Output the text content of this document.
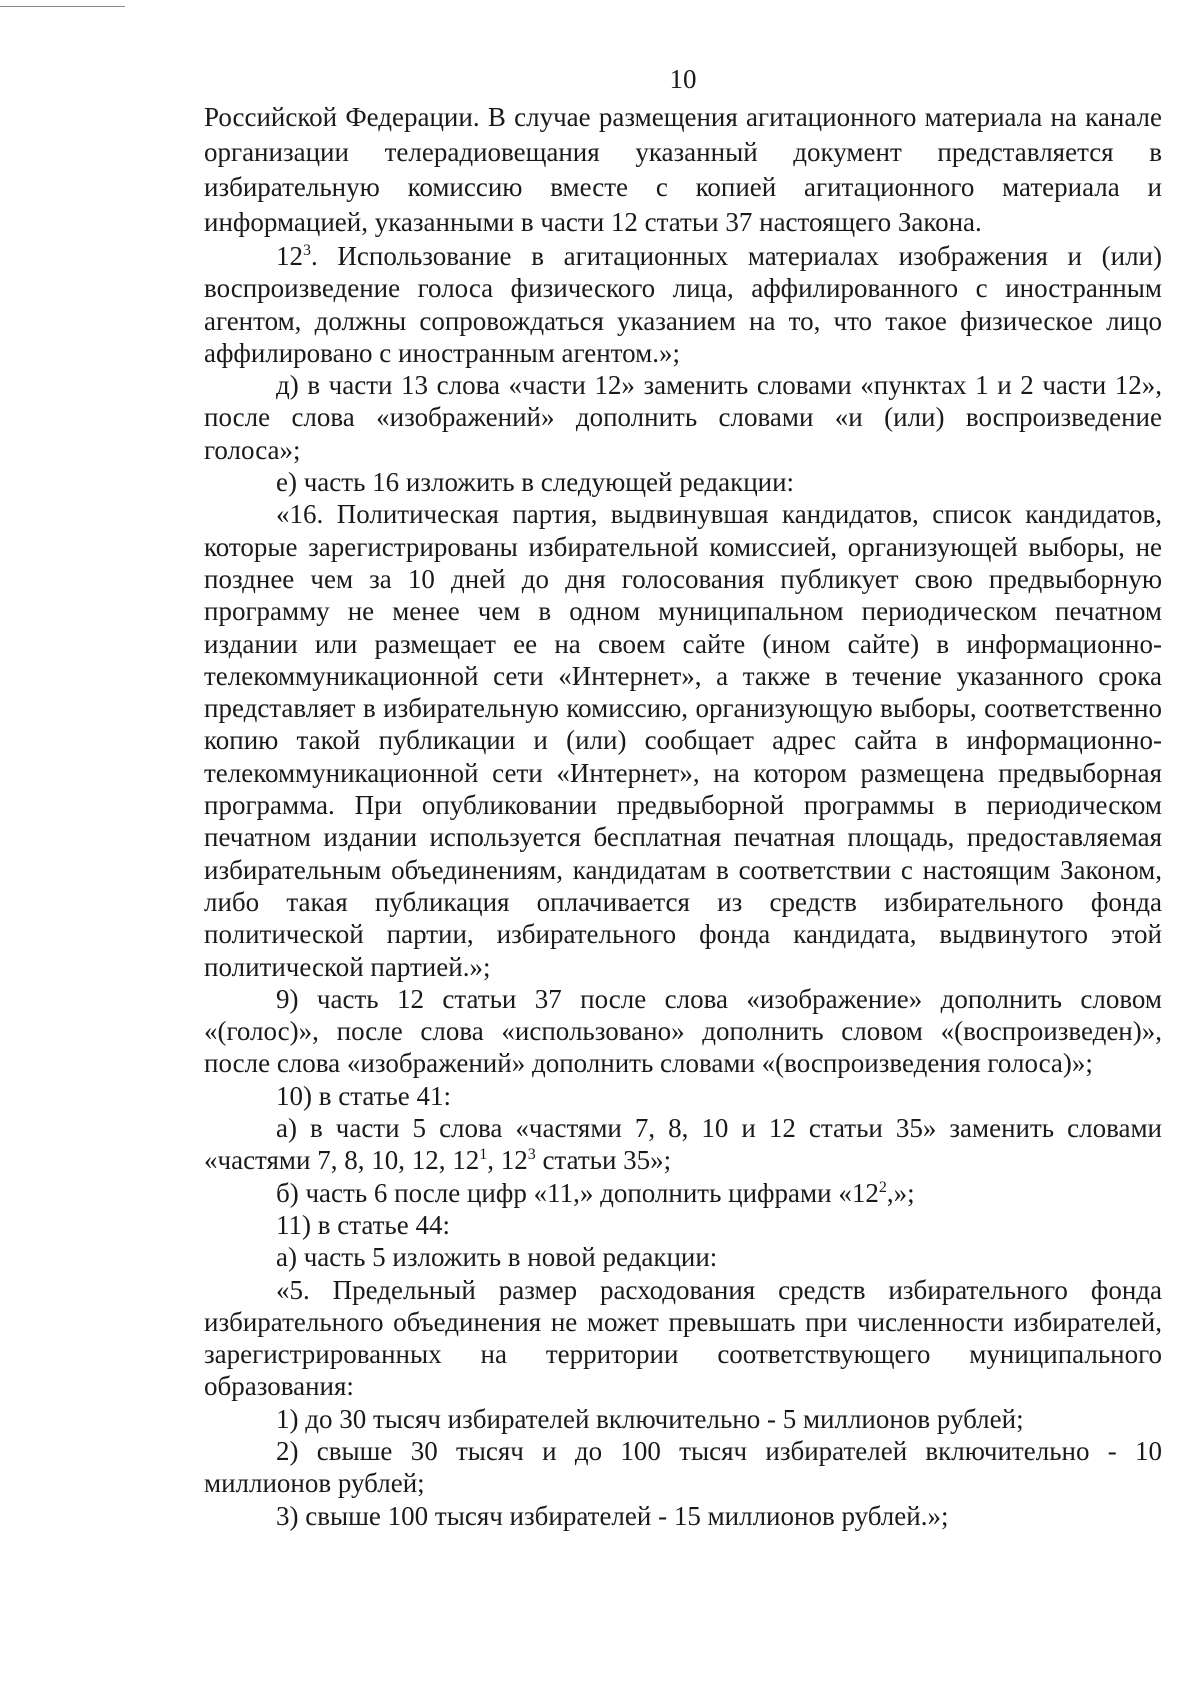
10

Российской Федерации. В случае размещения агитационного материала на канале организации телерадиовещания указанный документ представляется в избирательную комиссию вместе с копией агитационного материала и информацией, указанными в части 12 статьи 37 настоящего Закона.

$12^3$. Использование в агитационных материалах изображения и (или) воспроизведение голоса физического лица, аффилированного с иностранным агентом, должны сопровождаться указанием на то, что такое физическое лицо аффилировано с иностранным агентом.»;

д) в части 13 слова «части 12» заменить словами «пунктах 1 и 2 части 12», после слова «изображений» дополнить словами «и (или) воспроизведение голоса»;

е) часть 16 изложить в следующей редакции:

«16. Политическая партия, выдвинувшая кандидатов, список кандидатов, которые зарегистрированы избирательной комиссией, организующей выборы, не позднее чем за 10 дней до дня голосования публикует свою предвыборную программу не менее чем в одном муниципальном периодическом печатном издании или размещает ее на своем сайте (ином сайте) в информационно-телекоммуникационной сети «Интернет», а также в течение указанного срока представляет в избирательную комиссию, организующую выборы, соответственно копию такой публикации и (или) сообщает адрес сайта в информационно-телекоммуникационной сети «Интернет», на котором размещена предвыборная программа. При опубликовании предвыборной программы в периодическом печатном издании используется бесплатная печатная площадь, предоставляемая избирательным объединениям, кандидатам в соответствии с настоящим Законом, либо такая публикация оплачивается из средств избирательного фонда политической партии, избирательного фонда кандидата, выдвинутого этой политической партией.»;

9) часть 12 статьи 37 после слова «изображение» дополнить словом «(голос)», после слова «использовано» дополнить словом «(воспроизведен)», после слова «изображений» дополнить словами «(воспроизведения голоса)»;

10) в статье 41:

а) в части 5 слова «частями 7, 8, 10 и 12 статьи 35» заменить словами «частями 7, 8, 10, 12, $12^1$, $12^3$ статьи 35»;

б) часть 6 после цифр «11,» дополнить цифрами «$12^2$,»;

11) в статье 44:

а) часть 5 изложить в новой редакции:

«5. Предельный размер расходования средств избирательного фонда избирательного объединения не может превышать при численности избирателей, зарегистрированных на территории соответствующего муниципального образования:

1) до 30 тысяч избирателей включительно - 5 миллионов рублей;

2) свыше 30 тысяч и до 100 тысяч избирателей включительно - 10 миллионов рублей;

3) свыше 100 тысяч избирателей - 15 миллионов рублей.»;
